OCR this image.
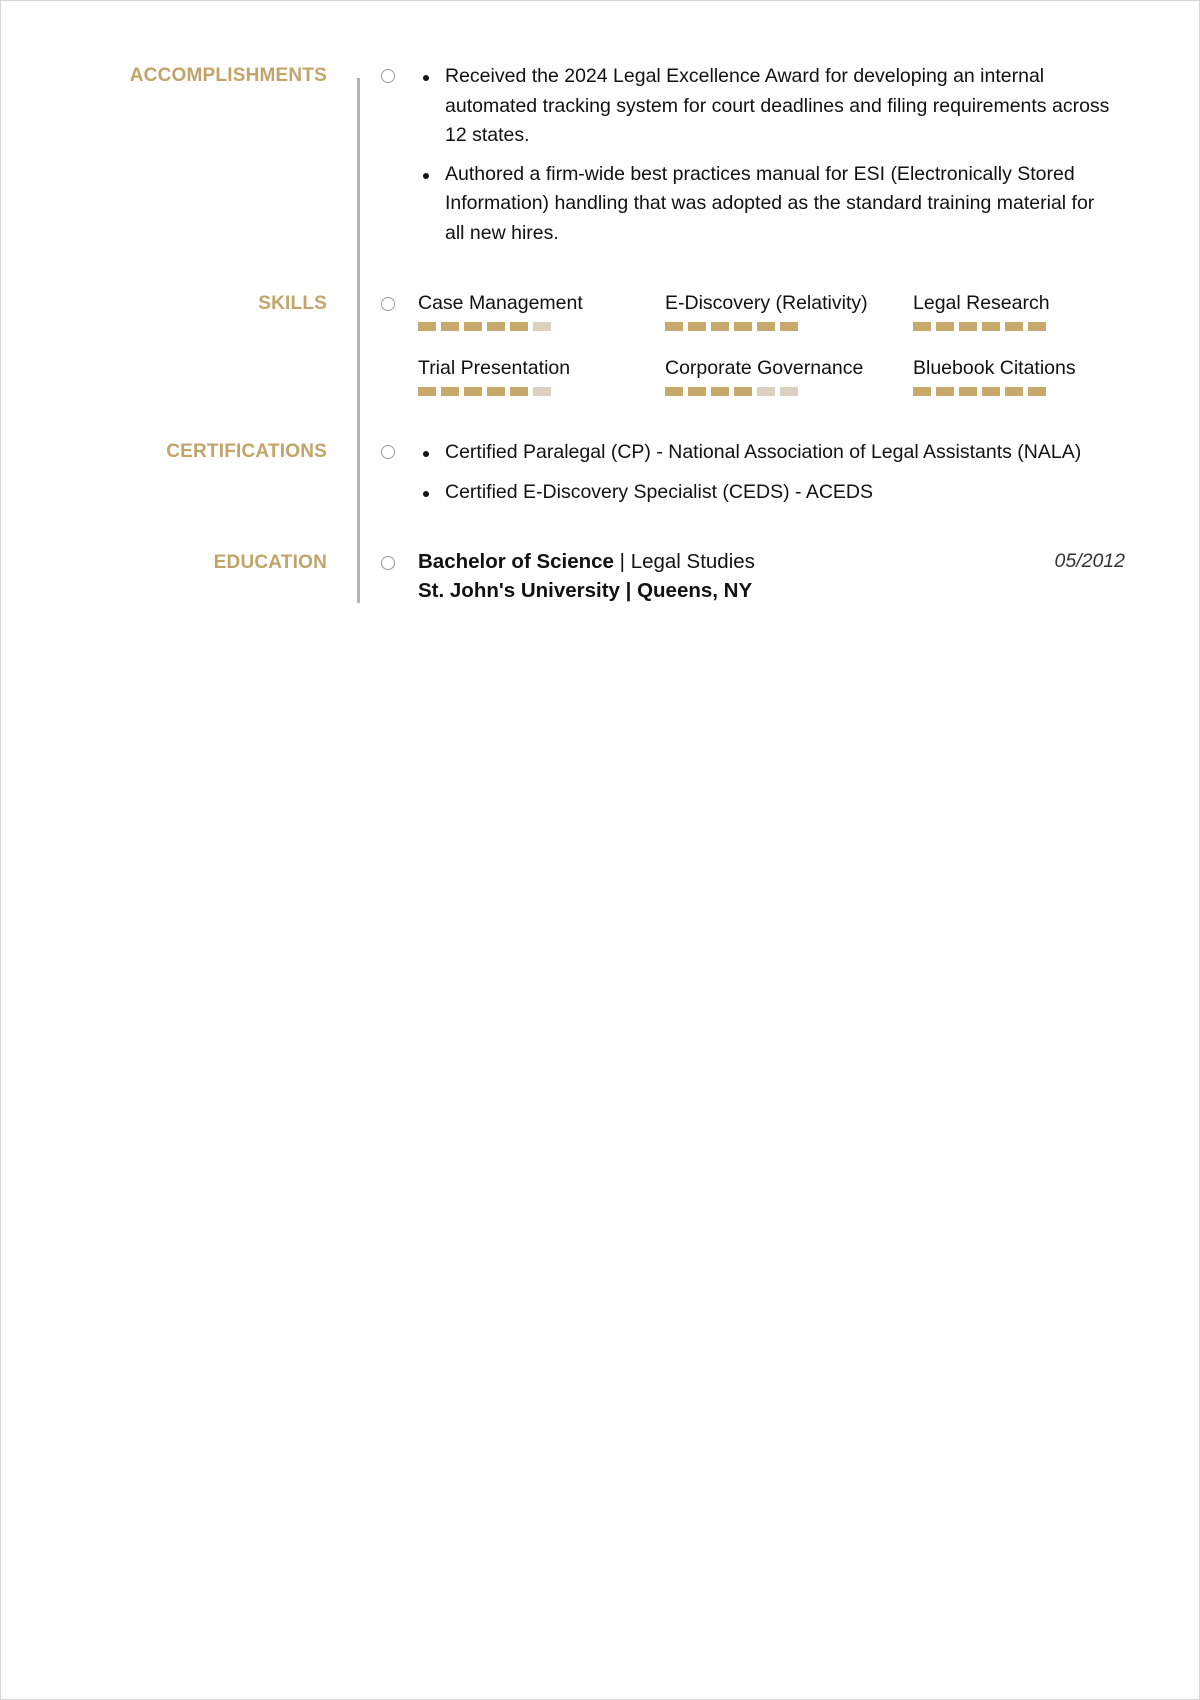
ACCOMPLISHMENTS	Received the 2024 Legal Excellence Award for developing an internal automated tracking system for court deadlines and filing requirements across 12 states.
Authored a firm-wide best practices manual for ESI (Electronically Stored Information) handling that was adopted as the standard training material for all new hires.
SKILLS	Case Management	E-Discovery (Relativity)	Legal Research
Trial Presentation	Corporate Governance	Bluebook Citations
CERTIFICATIONS	Certified Paralegal (CP) - National Association of Legal Assistants (NALA)
Certified E-Discovery Specialist (CEDS) - ACEDS
EDUCATION	Bachelor of Science | Legal Studies
St. John's University | Queens, NY
05/2012
